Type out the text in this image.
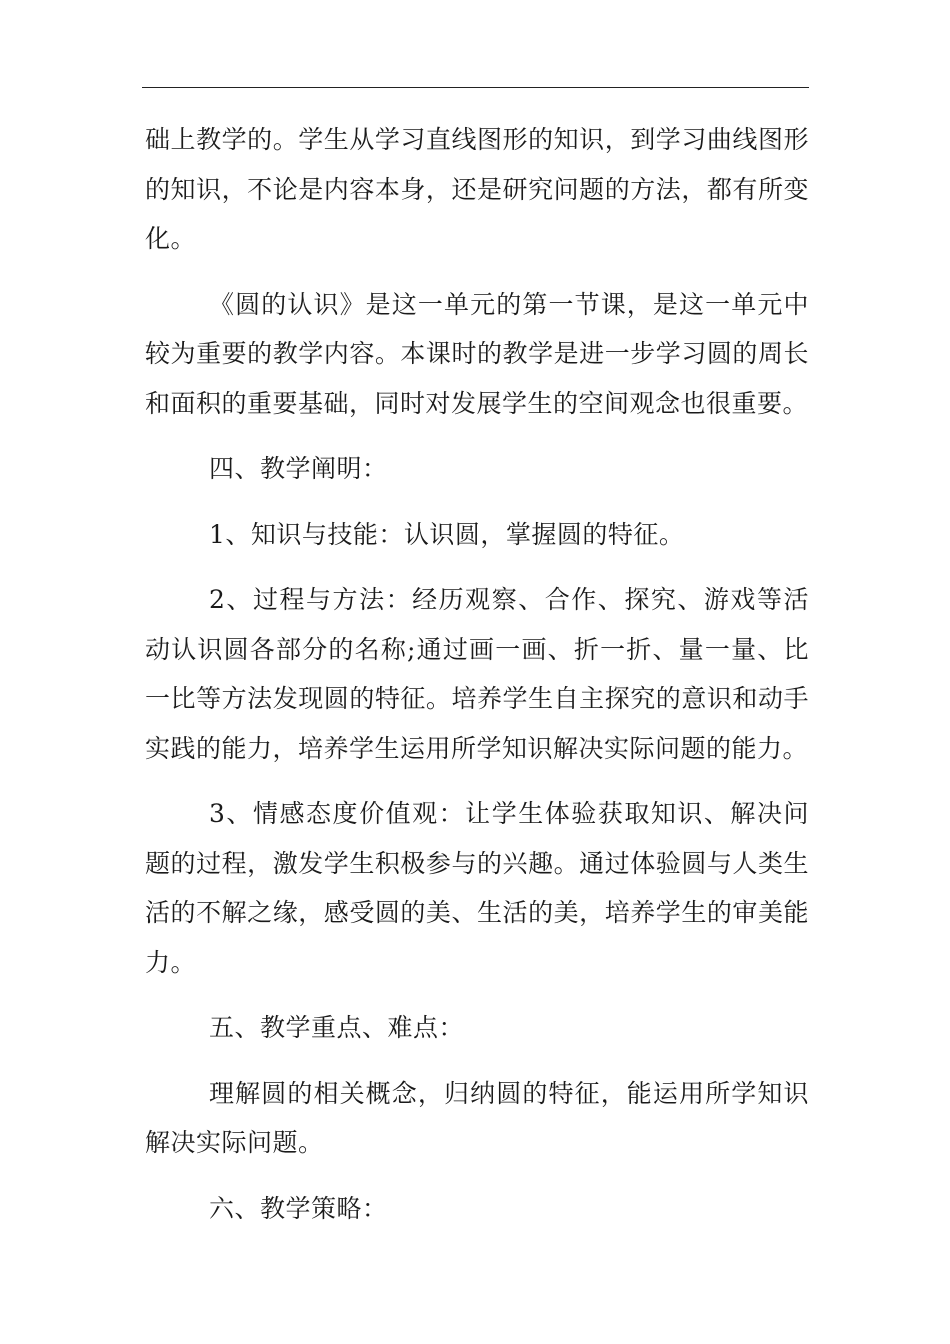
础上教学的。学生从学习直线图形的知识，到学习曲线图形的知识，不论是内容本身，还是研究问题的方法，都有所变化。

《圆的认识》是这一单元的第一节课，是这一单元中较为重要的教学内容。本课时的教学是进一步学习圆的周长和面积的重要基础，同时对发展学生的空间观念也很重要。

四、教学阐明：

1、知识与技能：认识圆，掌握圆的特征。

2、过程与方法：经历观察、合作、探究、游戏等活动认识圆各部分的名称;通过画一画、折一折、量一量、比一比等方法发现圆的特征。培养学生自主探究的意识和动手实践的能力，培养学生运用所学知识解决实际问题的能力。

3、情感态度价值观：让学生体验获取知识、解决问题的过程，激发学生积极参与的兴趣。通过体验圆与人类生活的不解之缘，感受圆的美、生活的美，培养学生的审美能力。

五、教学重点、难点：

理解圆的相关概念，归纳圆的特征，能运用所学知识解决实际问题。

六、教学策略：
